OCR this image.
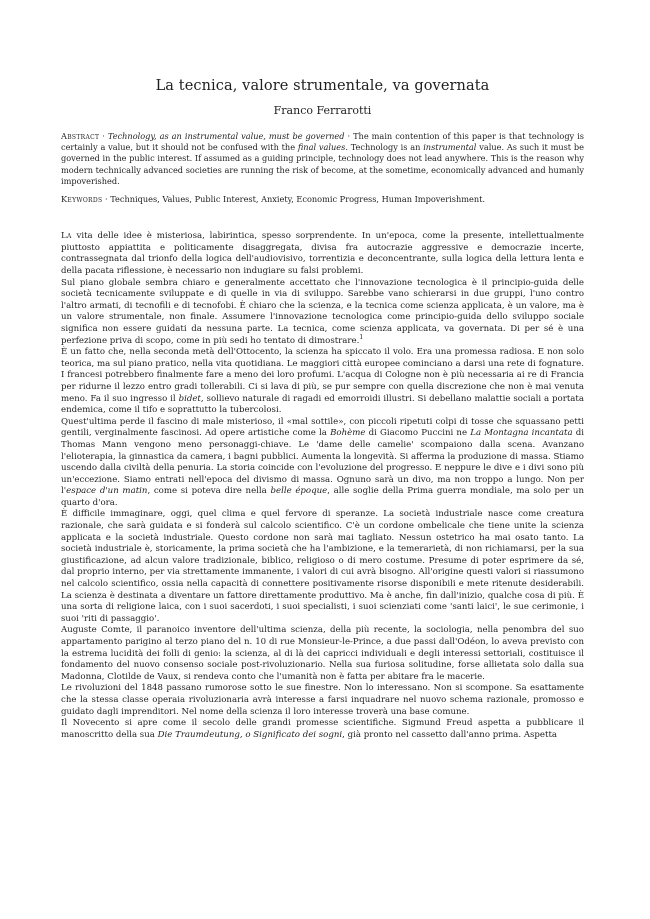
La tecnica, valore strumentale, va governata
Franco Ferrarotti

Abstract · Technology, as an instrumental value, must be governed · The main contention of this paper is that technology is certainly a value, but it should not be confused with the final values. Technology is an instrumental value. As such it must be governed in the public interest. If assumed as a guiding principle, technology does not lead anywhere. This is the reason why modern technically advanced societies are running the risk of become, at the sometime, economically advanced and humanly impoverished.

Keywords · Techniques, Values, Public Interest, Anxiety, Economic Progress, Human Impoverishment.

La vita delle idee è misteriosa, labirintica, spesso sorprendente. In un'epoca, come la presente, intellettualmente piuttosto appiattita e politicamente disaggregata, divisa fra autocrazie aggressive e democrazie incerte, contrassegnata dal trionfo della logica dell'audiovisivo, torrentizia e deconcentrante, sulla logica della lettura lenta e della pacata riflessione, è necessario non indugiare su falsi problemi.

Sul piano globale sembra chiaro e generalmente accettato che l'innovazione tecnologica è il principio-guida delle società tecnicamente sviluppate e di quelle in via di sviluppo. Sarebbe vano schierarsi in due gruppi, l'uno contro l'altro armati, di tecnofili e di tecnofobi. È chiaro che la scienza, e la tecnica come scienza applicata, è un valore, ma è un valore strumentale, non finale. Assumere l'innovazione tecnologica come principio-guida dello sviluppo sociale significa non essere guidati da nessuna parte. La tecnica, come scienza applicata, va governata. Di per sé è una perfezione priva di scopo, come in più sedi ho tentato di dimostrare.$^1$

È un fatto che, nella seconda metà dell'Ottocento, la scienza ha spiccato il volo. Era una promessa radiosa. E non solo teorica, ma sul piano pratico, nella vita quotidiana. Le maggiori città europee cominciano a darsi una rete di fognature. I francesi potrebbero finalmente fare a meno dei loro profumi. L'acqua di Cologne non è più necessaria ai re di Francia per ridurne il lezzo entro gradi tollerabili. Ci si lava di più, se pur sempre con quella discrezione che non è mai venuta meno. Fa il suo ingresso il bidet, sollievo naturale di ragadi ed emorroidi illustri. Si debellano malattie sociali a portata endemica, come il tifo e soprattutto la tubercolosi.

Quest'ultima perde il fascino di male misterioso, il «mal sottile», con piccoli ripetuti colpi di tosse che squassano petti gentili, verginalmente fascinosi. Ad opere artistiche come la Bohème di Giacomo Puccini ne La Montagna incantata di Thomas Mann vengono meno personaggi-chiave. Le 'dame delle camelie' scompaiono dalla scena. Avanzano l'elioterapia, la ginnastica da camera, i bagni pubblici. Aumenta la longevità. Si afferma la produzione di massa. Stiamo uscendo dalla civiltà della penuria. La storia coincide con l'evoluzione del progresso. E neppure le dive e i divi sono più un'eccezione. Siamo entrati nell'epoca del divismo di massa. Ognuno sarà un divo, ma non troppo a lungo. Non per l'espace d'un matin, come si poteva dire nella belle époque, alle soglie della Prima guerra mondiale, ma solo per un quarto d'ora.

È difficile immaginare, oggi, quel clima e quel fervore di speranze. La società industriale nasce come creatura razionale, che sarà guidata e si fonderà sul calcolo scientifico. C'è un cordone ombelicale che tiene unite la scienza applicata e la società industriale. Questo cordone non sarà mai tagliato. Nessun ostetrico ha mai osato tanto. La società industriale è, storicamente, la prima società che ha l'ambizione, e la temerarietà, di non richiamarsi, per la sua giustificazione, ad alcun valore tradizionale, biblico, religioso o di mero costume. Presume di poter esprimere da sé, dal proprio interno, per via strettamente immanente, i valori di cui avrà bisogno. All'origine questi valori si riassumono nel calcolo scientifico, ossia nella capacità di connettere positivamente risorse disponibili e mete ritenute desiderabili. La scienza è destinata a diventare un fattore direttamente produttivo. Ma è anche, fin dall'inizio, qualche cosa di più. È una sorta di religione laica, con i suoi sacerdoti, i suoi specialisti, i suoi scienziati come 'santi laici', le sue cerimonie, i suoi 'riti di passaggio'.

Auguste Comte, il paranoico inventore dell'ultima scienza, della più recente, la sociologia, nella penombra del suo appartamento parigino al terzo piano del n. 10 di rue Monsieur-le-Prince, a due passi dall'Odéon, lo aveva previsto con la estrema lucidità dei folli di genio: la scienza, al di là dei capricci individuali e degli interessi settoriali, costituisce il fondamento del nuovo consenso sociale post-rivoluzionario. Nella sua furiosa solitudine, forse allietata solo dalla sua Madonna, Clotilde de Vaux, si rendeva conto che l'umanità non è fatta per abitare fra le macerie.

Le rivoluzioni del 1848 passano rumorose sotto le sue finestre. Non lo interessano. Non si scompone. Sa esattamente che la stessa classe operaia rivoluzionaria avrà interesse a farsi inquadrare nel nuovo schema razionale, promosso e guidato dagli imprenditori. Nel nome della scienza il loro interesse troverà una base comune.

Il Novecento si apre come il secolo delle grandi promesse scientifiche. Sigmund Freud aspetta a pubblicare il manoscritto della sua Die Traumdeutung, o Significato dei sogni, già pronto nel cassetto dall'anno prima. Aspetta
